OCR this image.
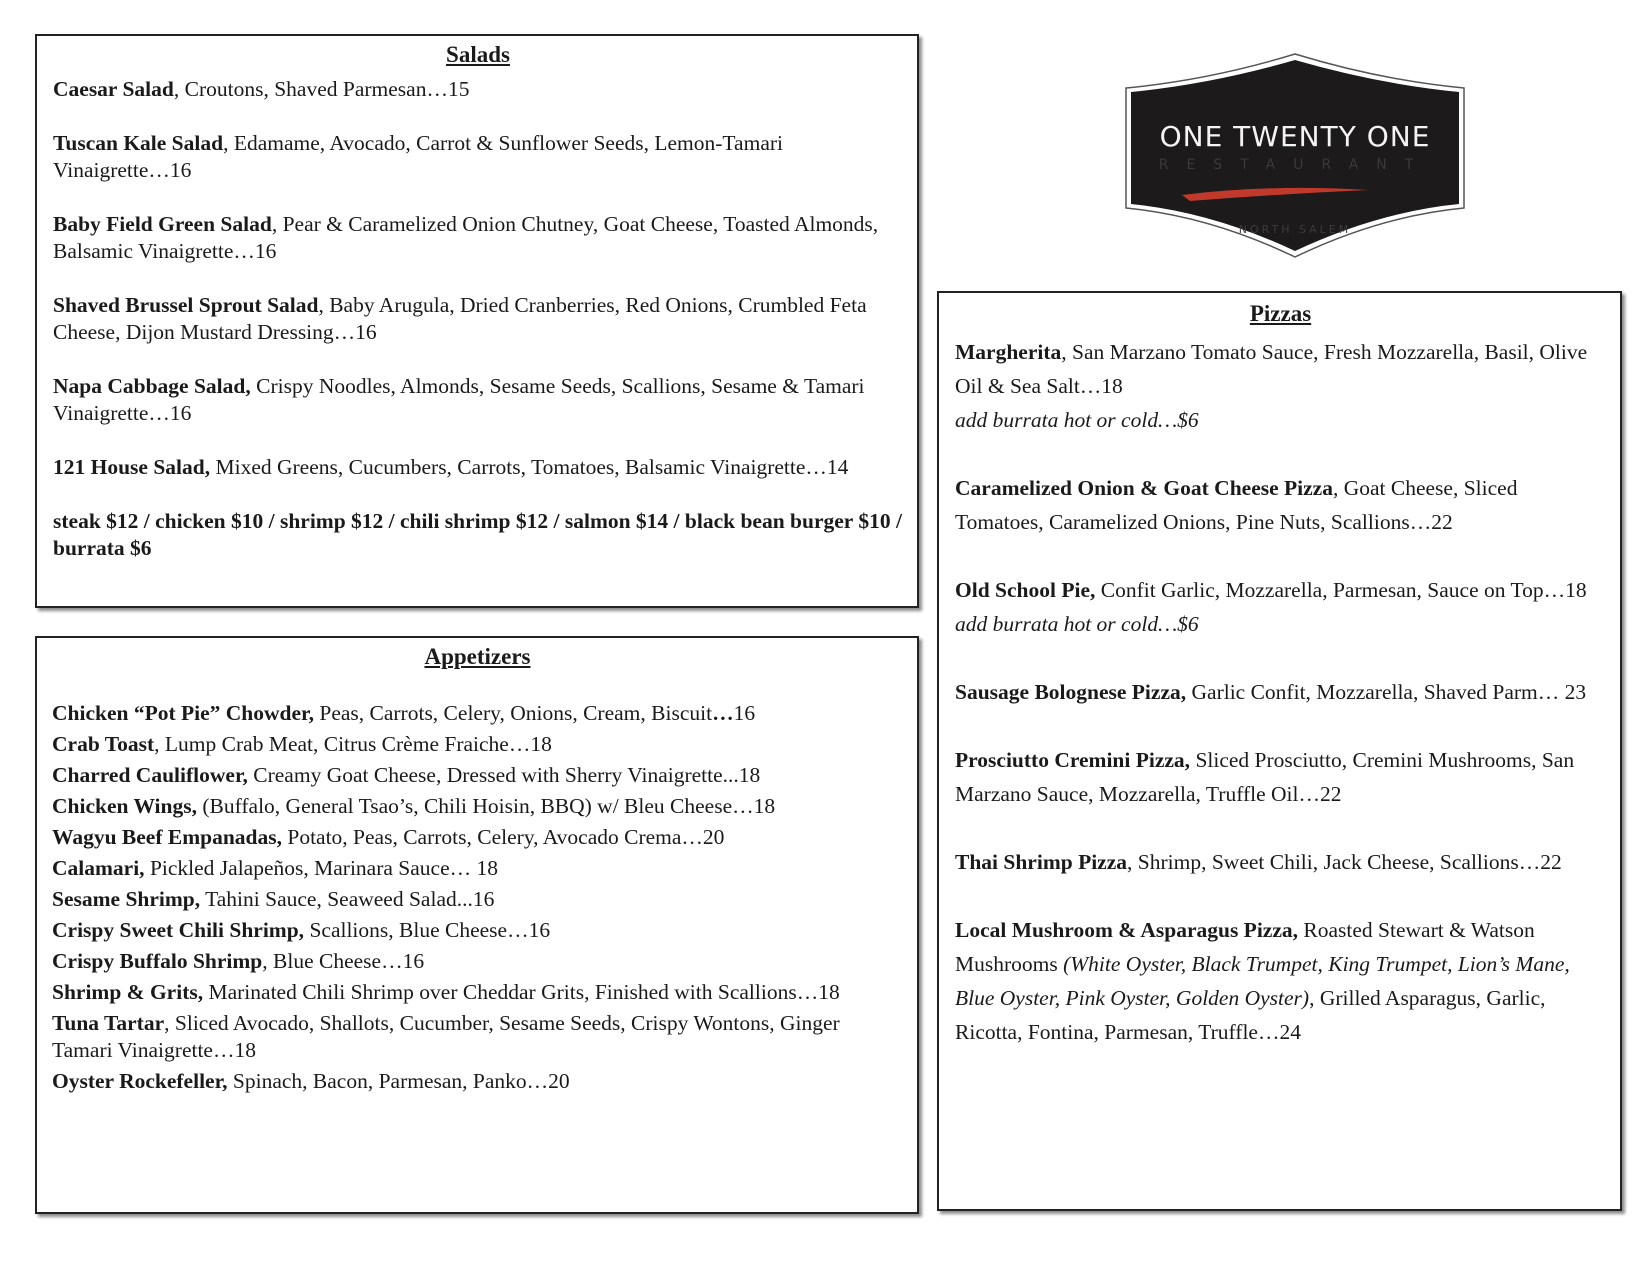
Salads

Caesar Salad, Croutons, Shaved Parmesan…15

Tuscan Kale Salad, Edamame, Avocado, Carrot & Sunflower Seeds, Lemon-Tamari Vinaigrette…16

Baby Field Green Salad, Pear & Caramelized Onion Chutney, Goat Cheese, Toasted Almonds, Balsamic Vinaigrette…16

Shaved Brussel Sprout Salad, Baby Arugula, Dried Cranberries, Red Onions, Crumbled Feta Cheese, Dijon Mustard Dressing…16

Napa Cabbage Salad, Crispy Noodles, Almonds, Sesame Seeds, Scallions, Sesame & Tamari Vinaigrette…16

121 House Salad, Mixed Greens, Cucumbers, Carrots, Tomatoes, Balsamic Vinaigrette…14

steak $12 / chicken $10 / shrimp $12 / chili shrimp $12 / salmon $14 / black bean burger $10 / burrata $6

Appetizers

Chicken “Pot Pie” Chowder, Peas, Carrots, Celery, Onions, Cream, Biscuit…16

Crab Toast, Lump Crab Meat, Citrus Crème Fraiche…18

Charred Cauliflower, Creamy Goat Cheese, Dressed with Sherry Vinaigrette...18

Chicken Wings, (Buffalo, General Tsao’s, Chili Hoisin, BBQ) w/ Bleu Cheese…18

Wagyu Beef Empanadas, Potato, Peas, Carrots, Celery, Avocado Crema…20

Calamari, Pickled Jalapeños, Marinara Sauce… 18

Sesame Shrimp, Tahini Sauce, Seaweed Salad...16

Crispy Sweet Chili Shrimp, Scallions, Blue Cheese…16

Crispy Buffalo Shrimp, Blue Cheese…16

Shrimp & Grits, Marinated Chili Shrimp over Cheddar Grits, Finished with Scallions…18

Tuna Tartar, Sliced Avocado, Shallots, Cucumber, Sesame Seeds, Crispy Wontons, Ginger Tamari Vinaigrette…18

Oyster Rockefeller, Spinach, Bacon, Parmesan, Panko…20

ONE TWENTY ONE
RESTAURANT
NORTH SALEM
Pizzas

Margherita, San Marzano Tomato Sauce, Fresh Mozzarella, Basil, Olive Oil & Sea Salt…18
add burrata hot or cold…$6

Caramelized Onion & Goat Cheese Pizza, Goat Cheese, Sliced Tomatoes, Caramelized Onions, Pine Nuts, Scallions…22

Old School Pie, Confit Garlic, Mozzarella, Parmesan, Sauce on Top…18
add burrata hot or cold…$6

Sausage Bolognese Pizza, Garlic Confit, Mozzarella, Shaved Parm… 23

Prosciutto Cremini Pizza, Sliced Prosciutto, Cremini Mushrooms, San Marzano Sauce, Mozzarella, Truffle Oil…22

Thai Shrimp Pizza, Shrimp, Sweet Chili, Jack Cheese, Scallions…22

Local Mushroom & Asparagus Pizza, Roasted Stewart & Watson Mushrooms (White Oyster, Black Trumpet, King Trumpet, Lion’s Mane, Blue Oyster, Pink Oyster, Golden Oyster), Grilled Asparagus, Garlic, Ricotta, Fontina, Parmesan, Truffle…24
